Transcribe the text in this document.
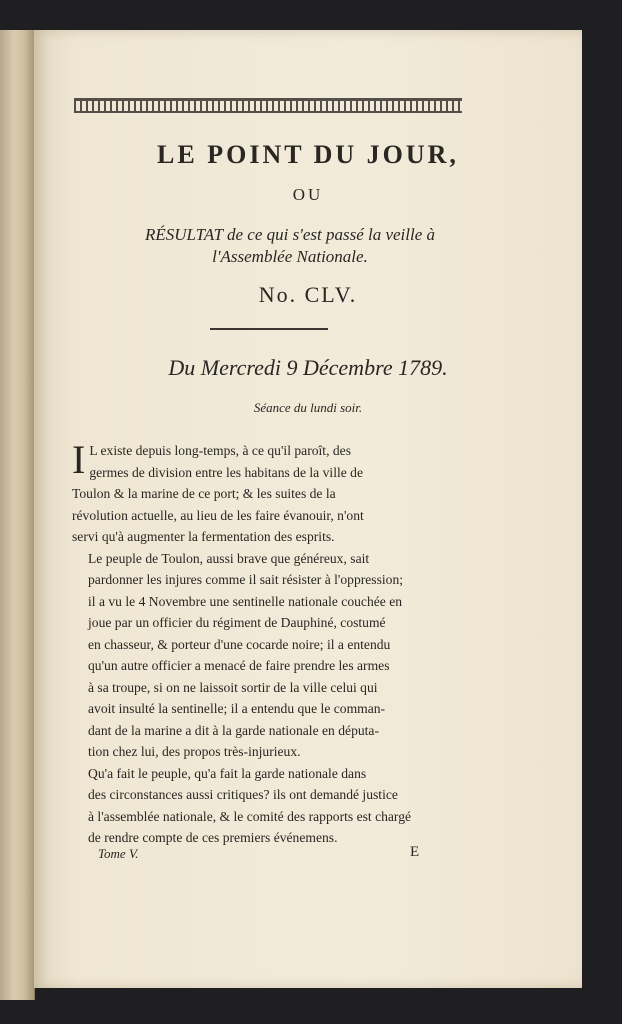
LE POINT DU JOUR,
OU
RÉSULTAT de ce qui s'est passé la veille à
l'Assemblée Nationale.
No. CLV.
Du Mercredi 9 Décembre 1789.
Séance du lundi soir.

I L existe depuis long-temps, à ce qu'il paroît, des
germes de division entre les habitans de la ville de
Toulon & la marine de ce port; & les suites de la
révolution actuelle, au lieu de les faire évanouir, n'ont
servi qu'à augmenter la fermentation des esprits.

Le peuple de Toulon, aussi brave que généreux, sait
pardonner les injures comme il sait résister à l'oppression;
il a vu le 4 Novembre une sentinelle nationale couchée en
joue par un officier du régiment de Dauphiné, costumé
en chasseur, & porteur d'une cocarde noire; il a entendu
qu'un autre officier a menacé de faire prendre les armes
à sa troupe, si on ne laissoit sortir de la ville celui qui
avoit insulté la sentinelle; il a entendu que le comman-
dant de la marine a dit à la garde nationale en députa-
tion chez lui, des propos très-injurieux.

Qu'a fait le peuple, qu'a fait la garde nationale dans
des circonstances aussi critiques? ils ont demandé justice
à l'assemblée nationale, & le comité des rapports est chargé
de rendre compte de ces premiers événemens.

Tome V.	E
